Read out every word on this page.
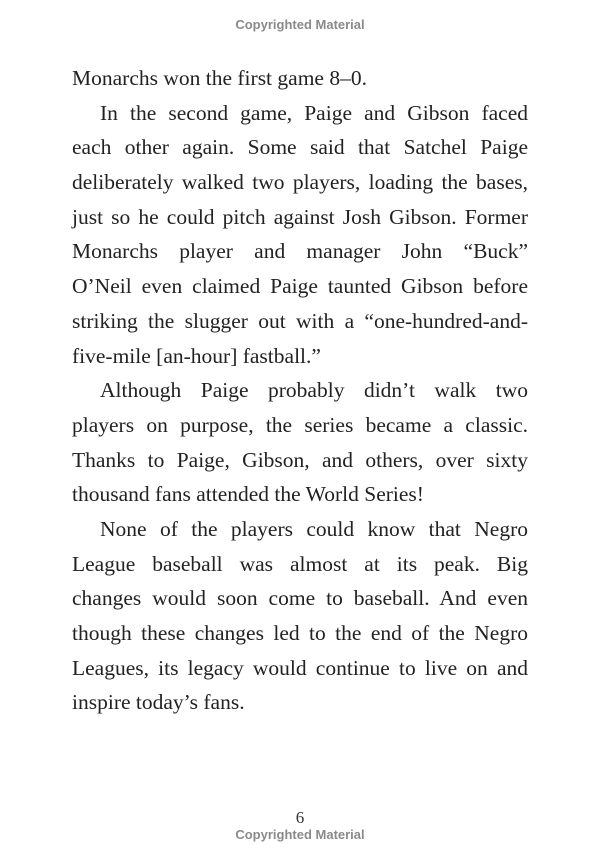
Copyrighted Material
Monarchs won the first game 8–0.
In the second game, Paige and Gibson faced
each other again. Some said that Satchel Paige
deliberately walked two players, loading the bases,
just so he could pitch against Josh Gibson. Former
Monarchs player and manager John “Buck”
O’Neil even claimed Paige taunted Gibson before
striking the slugger out with a “one-hundred-and-
five-mile [an-hour] fastball.”
Although Paige probably didn’t walk two
players on purpose, the series became a classic.
Thanks to Paige, Gibson, and others, over sixty
thousand fans attended the World Series!
None of the players could know that Negro
League baseball was almost at its peak. Big
changes would soon come to baseball. And even
though these changes led to the end of the Negro
Leagues, its legacy would continue to live on and
inspire today’s fans.
6
Copyrighted Material
